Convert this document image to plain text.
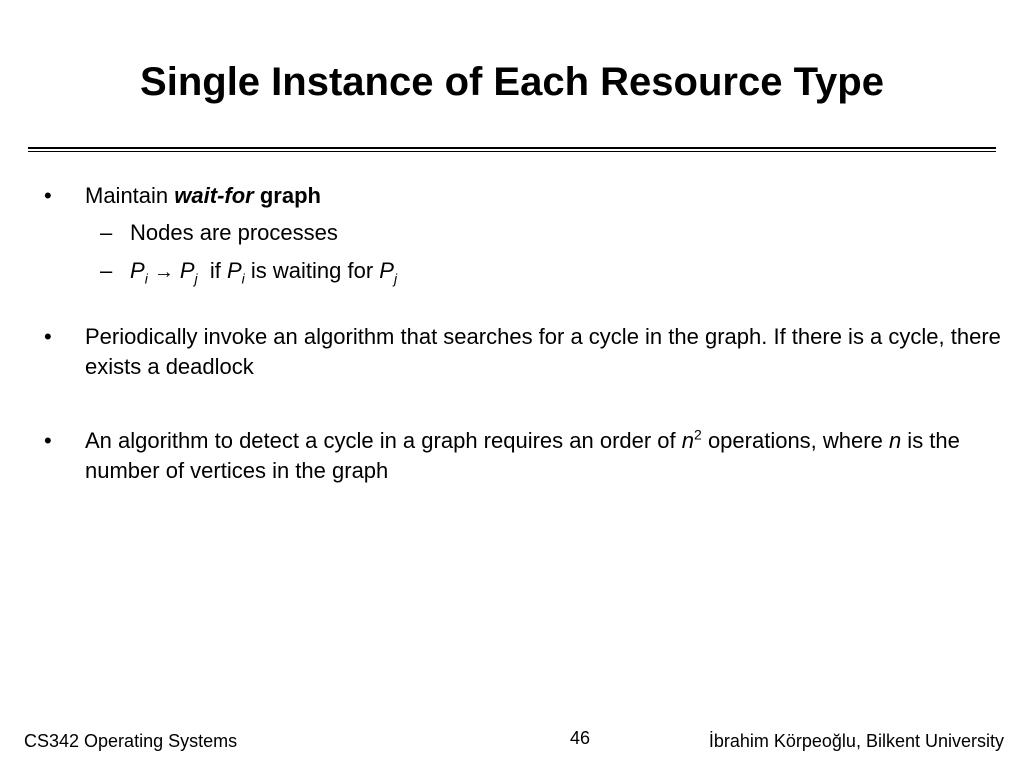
Single Instance of Each Resource Type
• Maintain wait-for graph
– Nodes are processes
– $P_i \to P_j$  if $P_i$ is waiting for $P_j$
• Periodically invoke an algorithm that searches for a cycle in the graph. If there is a cycle, there exists a deadlock
• An algorithm to detect a cycle in a graph requires an order of $n^2$ operations, where n is the number of vertices in the graph
CS342 Operating Systems	46	İbrahim Körpeoğlu, Bilkent University
